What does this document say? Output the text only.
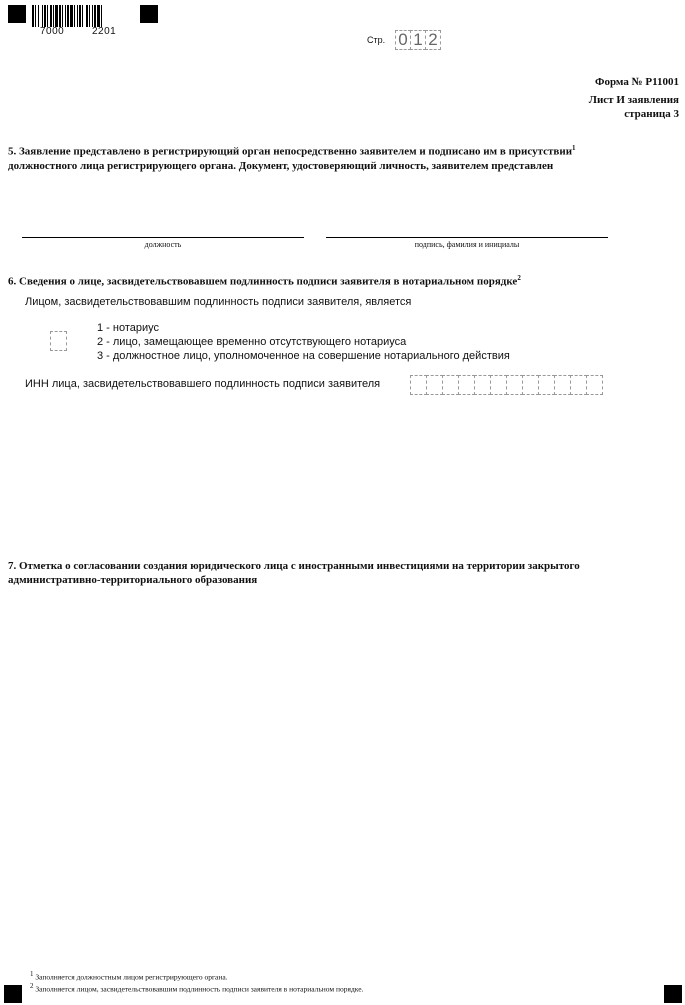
7000	2201
Стр. 0 1 2
Форма № Р11001
Лист И заявления
страница 3
5. Заявление представлено в регистрирующий орган непосредственно заявителем и подписано им в присутствии$^1$
должностного лица регистрирующего органа. Документ, удостоверяющий личность, заявителем представлен
должность	подпись, фамилия и инициалы
6. Сведения о лице, засвидетельствовавшем подлинность подписи заявителя в нотариальном порядке$^2$
Лицом, засвидетельствовавшим подлинность подписи заявителя, является
1 - нотариус
2 - лицо, замещающее временно отсутствующего нотариуса
3 - должностное лицо, уполномоченное на совершение нотариального действия
ИНН лица, засвидетельствовавшего подлинность подписи заявителя
7. Отметка о согласовании создания юридического лица с иностранными инвестициями на территории закрытого
административно-территориального образования
$^1$ Заполняется должностным лицом регистрирующего органа.
$^2$ Заполняется лицом, засвидетельствовавшим подлинность подписи заявителя в нотариальном порядке.
